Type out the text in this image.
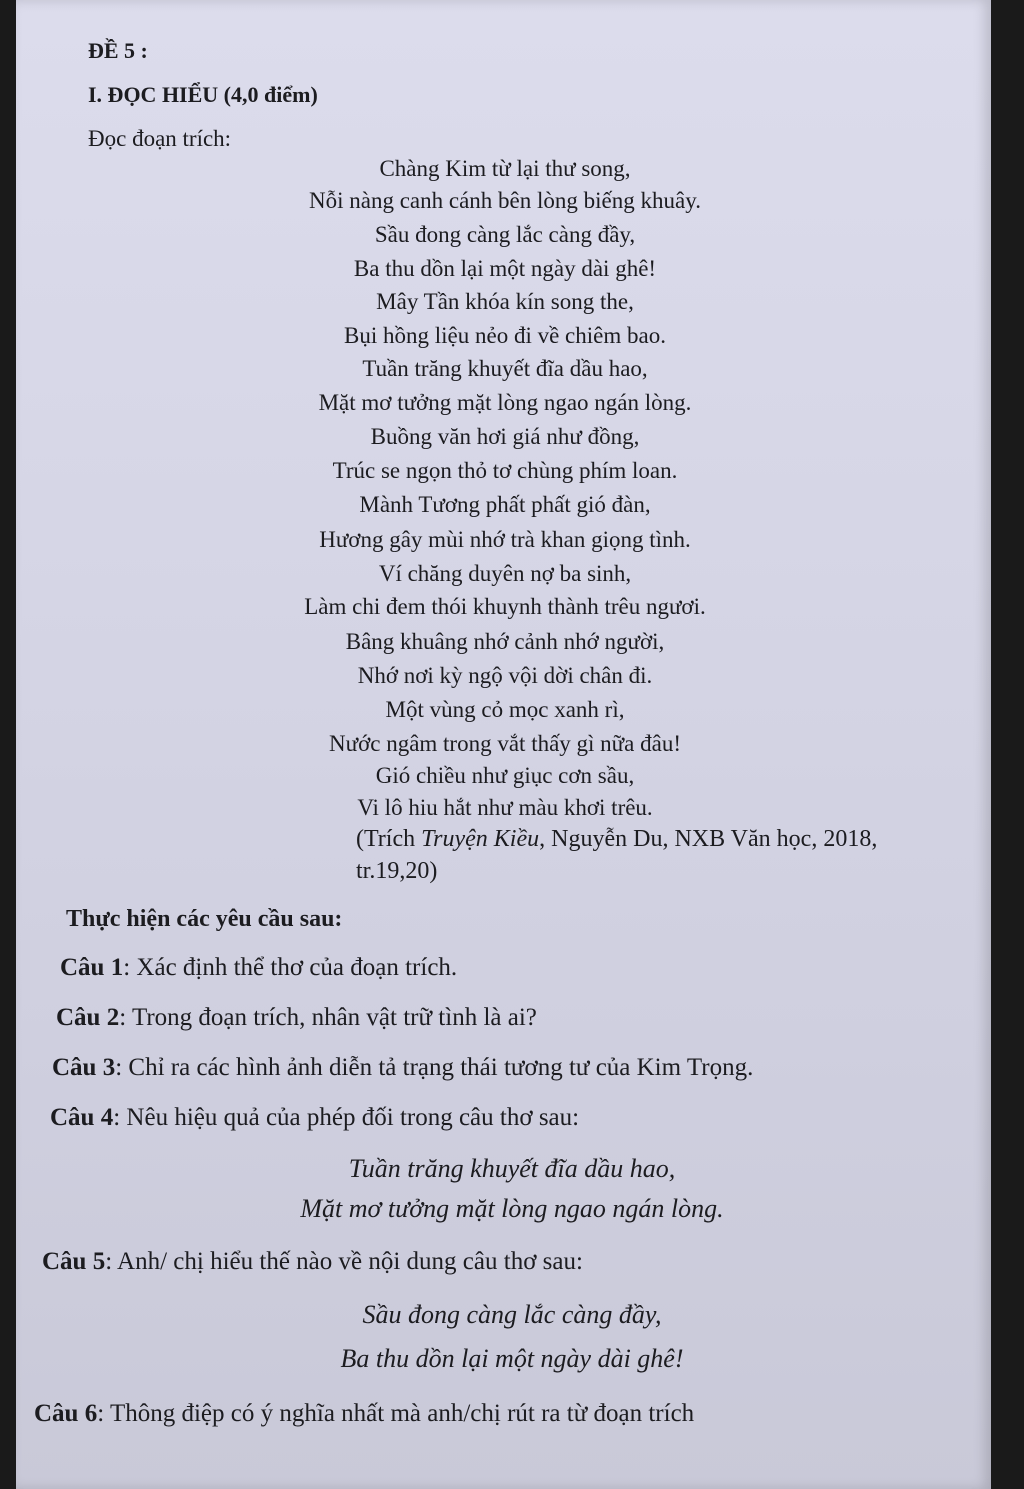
ĐỀ 5 :
I. ĐỌC HIỂU (4,0 điểm)
Đọc đoạn trích:
Chàng Kim từ lại thư song,
Nỗi nàng canh cánh bên lòng biếng khuây.
Sầu đong càng lắc càng đầy,
Ba thu dồn lại một ngày dài ghê!
Mây Tần khóa kín song the,
Bụi hồng liệu nẻo đi về chiêm bao.
Tuần trăng khuyết đĩa dầu hao,
Mặt mơ tưởng mặt lòng ngao ngán lòng.
Buồng văn hơi giá như đồng,
Trúc se ngọn thỏ tơ chùng phím loan.
Mành Tương phất phất gió đàn,
Hương gây mùi nhớ trà khan giọng tình.
Ví chăng duyên nợ ba sinh,
Làm chi đem thói khuynh thành trêu ngươi.
Bâng khuâng nhớ cảnh nhớ người,
Nhớ nơi kỳ ngộ vội dời chân đi.
Một vùng cỏ mọc xanh rì,
Nước ngâm trong vắt thấy gì nữa đâu!
Gió chiều như giục cơn sầu,
Vi lô hiu hắt như màu khơi trêu.
(Trích Truyện Kiều, Nguyễn Du, NXB Văn học, 2018,
tr.19,20)
Thực hiện các yêu cầu sau:
Câu 1: Xác định thể thơ của đoạn trích.
Câu 2: Trong đoạn trích, nhân vật trữ tình là ai?
Câu 3: Chỉ ra các hình ảnh diễn tả trạng thái tương tư của Kim Trọng.
Câu 4: Nêu hiệu quả của phép đối trong câu thơ sau:
Tuần trăng khuyết đĩa dầu hao,
Mặt mơ tưởng mặt lòng ngao ngán lòng.
Câu 5: Anh/ chị hiểu thế nào về nội dung câu thơ sau:
Sầu đong càng lắc càng đầy,
Ba thu dồn lại một ngày dài ghê!
Câu 6: Thông điệp có ý nghĩa nhất mà anh/chị rút ra từ đoạn trích
